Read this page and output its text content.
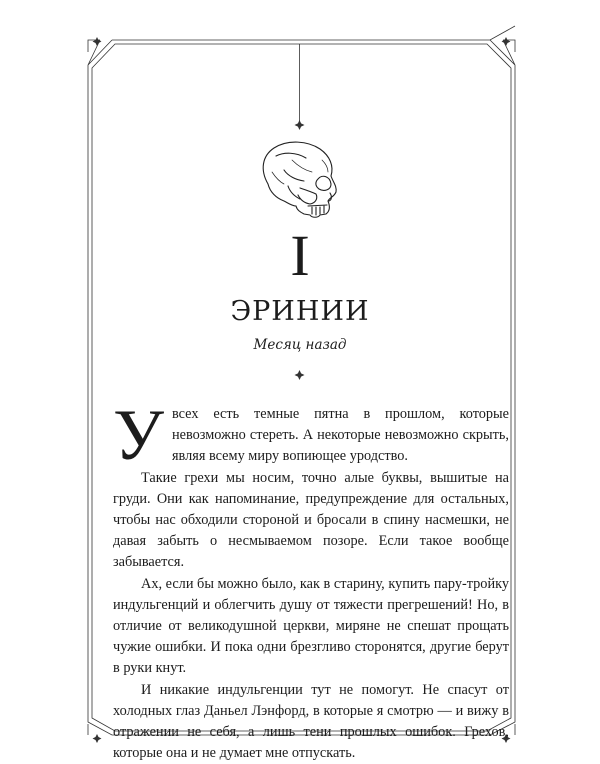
I
ЭРИНИИ
Месяц назад

Увсех есть темные пятна в прошлом, которые невозможно стереть. А некоторые невозможно скрыть, являя всему миру вопиющее уродство.

Такие грехи мы носим, точно алые буквы, вышитые на груди. Они как напоминание, предупреждение для остальных, чтобы нас обходили стороной и бросали в спину насмешки, не давая забыть о несмываемом позоре. Если такое вообще забывается.

Ах, если бы можно было, как в старину, купить пару-тройку индульгенций и облегчить душу от тяжести прегрешений! Но, в отличие от великодушной церкви, миряне не спешат прощать чужие ошибки. И пока одни брезгливо сторонятся, другие берут в руки кнут.

И никакие индульгенции тут не помогут. Не спасут от холодных глаз Даньел Лэнфорд, в которые я смотрю — и вижу в отражении не себя, а лишь тени прошлых ошибок. Грехов, которые она и не думает мне отпускать.
